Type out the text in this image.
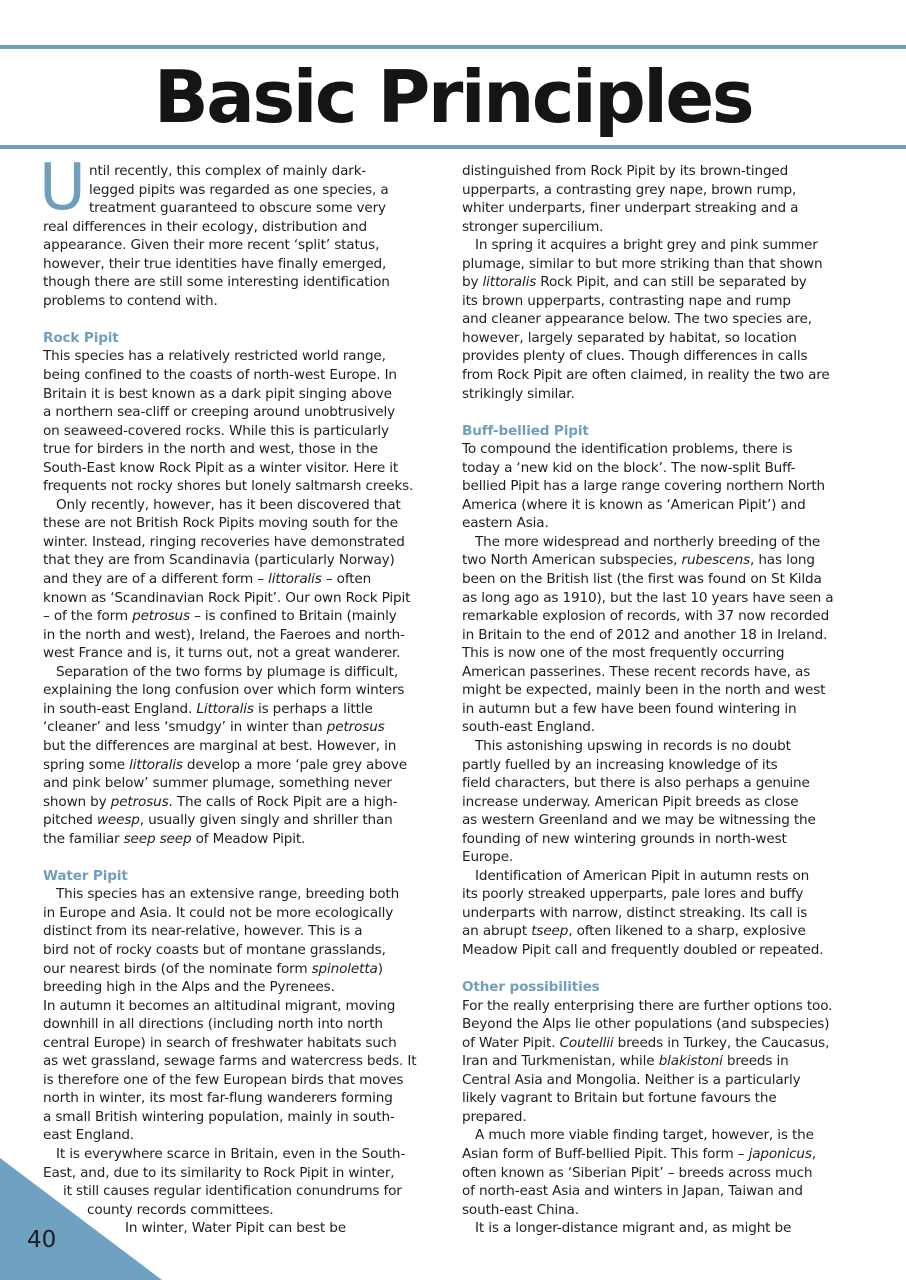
Basic Principles
U ntil recently, this complex of mainly dark-
legged pipits was regarded as one species, a
treatment guaranteed to obscure some very
real differences in their ecology, distribution and
appearance. Given their more recent ‘split’ status,
however, their true identities have finally emerged,
though there are still some interesting identification
problems to contend with.
Rock Pipit
This species has a relatively restricted world range,
being confined to the coasts of north-west Europe. In
Britain it is best known as a dark pipit singing above
a northern sea-cliff or creeping around unobtrusively
on seaweed-covered rocks. While this is particularly
true for birders in the north and west, those in the
South-East know Rock Pipit as a winter visitor. Here it
frequents not rocky shores but lonely saltmarsh creeks.
Only recently, however, has it been discovered that
these are not British Rock Pipits moving south for the
winter. Instead, ringing recoveries have demonstrated
that they are from Scandinavia (particularly Norway)
and they are of a different form – littoralis – often
known as ‘Scandinavian Rock Pipit’. Our own Rock Pipit
– of the form petrosus – is confined to Britain (mainly
in the north and west), Ireland, the Faeroes and north-
west France and is, it turns out, not a great wanderer.
Separation of the two forms by plumage is difficult,
explaining the long confusion over which form winters
in south-east England. Littoralis is perhaps a little
‘cleaner’ and less ‘smudgy’ in winter than petrosus
but the differences are marginal at best. However, in
spring some littoralis develop a more ‘pale grey above
and pink below’ summer plumage, something never
shown by petrosus. The calls of Rock Pipit are a high-
pitched weesp, usually given singly and shriller than
the familiar seep seep of Meadow Pipit.
Water Pipit
This species has an extensive range, breeding both
in Europe and Asia. It could not be more ecologically
distinct from its near-relative, however. This is a
bird not of rocky coasts but of montane grasslands,
our nearest birds (of the nominate form spinoletta)
breeding high in the Alps and the Pyrenees.
In autumn it becomes an altitudinal migrant, moving
downhill in all directions (including north into north
central Europe) in search of freshwater habitats such
as wet grassland, sewage farms and watercress beds. It
is therefore one of the few European birds that moves
north in winter, its most far-flung wanderers forming
a small British wintering population, mainly in south-
east England.
It is everywhere scarce in Britain, even in the South-
East, and, due to its similarity to Rock Pipit in winter,
it still causes regular identification conundrums for
county records committees.
In winter, Water Pipit can best be
distinguished from Rock Pipit by its brown-tinged
upperparts, a contrasting grey nape, brown rump,
whiter underparts, finer underpart streaking and a
stronger supercilium.
In spring it acquires a bright grey and pink summer
plumage, similar to but more striking than that shown
by littoralis Rock Pipit, and can still be separated by
its brown upperparts, contrasting nape and rump
and cleaner appearance below. The two species are,
however, largely separated by habitat, so location
provides plenty of clues. Though differences in calls
from Rock Pipit are often claimed, in reality the two are
strikingly similar.
Buff-bellied Pipit
To compound the identification problems, there is
today a ‘new kid on the block’. The now-split Buff-
bellied Pipit has a large range covering northern North
America (where it is known as ‘American Pipit’) and
eastern Asia.
The more widespread and northerly breeding of the
two North American subspecies, rubescens, has long
been on the British list (the first was found on St Kilda
as long ago as 1910), but the last 10 years have seen a
remarkable explosion of records, with 37 now recorded
in Britain to the end of 2012 and another 18 in Ireland.
This is now one of the most frequently occurring
American passerines. These recent records have, as
might be expected, mainly been in the north and west
in autumn but a few have been found wintering in
south-east England.
This astonishing upswing in records is no doubt
partly fuelled by an increasing knowledge of its
field characters, but there is also perhaps a genuine
increase underway. American Pipit breeds as close
as western Greenland and we may be witnessing the
founding of new wintering grounds in north-west
Europe.
Identification of American Pipit in autumn rests on
its poorly streaked upperparts, pale lores and buffy
underparts with narrow, distinct streaking. Its call is
an abrupt tseep, often likened to a sharp, explosive
Meadow Pipit call and frequently doubled or repeated.
Other possibilities
For the really enterprising there are further options too.
Beyond the Alps lie other populations (and subspecies)
of Water Pipit. Coutellii breeds in Turkey, the Caucasus,
Iran and Turkmenistan, while blakistoni breeds in
Central Asia and Mongolia. Neither is a particularly
likely vagrant to Britain but fortune favours the
prepared.
A much more viable finding target, however, is the
Asian form of Buff-bellied Pipit. This form – japonicus,
often known as ‘Siberian Pipit’ – breeds across much
of north-east Asia and winters in Japan, Taiwan and
south-east China.
It is a longer-distance migrant and, as might be
40
